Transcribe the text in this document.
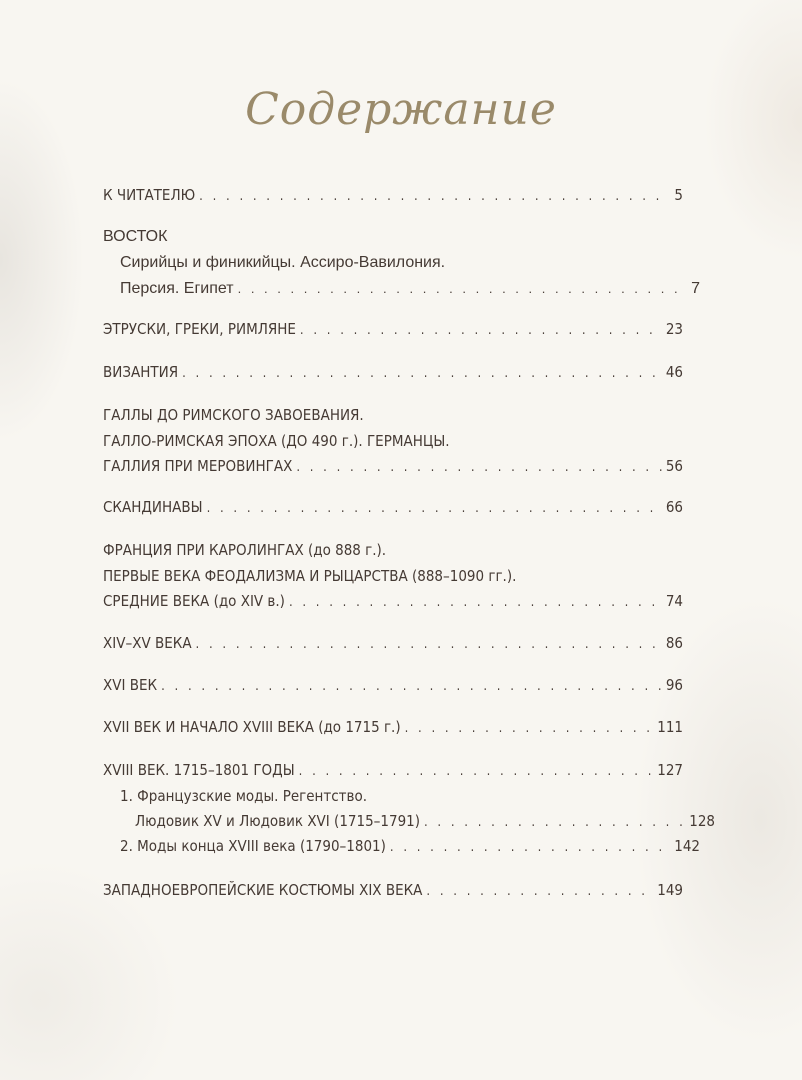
Содержание
К ЧИТАТЕЛЮ . . .	5
ВОСТОК
Сирийцы и финикийцы. Ассиро-Вавилония.
Персия. Египет . . .	7
ЭТРУСКИ, ГРЕКИ, РИМЛЯНЕ . . .	23
ВИЗАНТИЯ . . .	46
ГАЛЛЫ ДО РИМСКОГО ЗАВОЕВАНИЯ.
ГАЛЛО-РИМСКАЯ ЭПОХА (ДО 490 г.). ГЕРМАНЦЫ.
ГАЛЛИЯ ПРИ МЕРОВИНГАХ . . .	56
СКАНДИНАВЫ . . .	66
ФРАНЦИЯ ПРИ КАРОЛИНГАХ (до 888 г.).
ПЕРВЫЕ ВЕКА ФЕОДАЛИЗМА И РЫЦАРСТВА (888–1090 гг.).
СРЕДНИЕ ВЕКА (до XIV в.) . . .	74
XIV–XV ВЕКА . . .	86
XVI ВЕК . . .	96
XVII ВЕК И НАЧАЛО XVIII ВЕКА (до 1715 г.) . . .	111
XVIII ВЕК. 1715–1801 ГОДЫ . . .	127
1. Французские моды. Регентство.
Людовик XV и Людовик XVI (1715–1791) . . .	128
2. Моды конца XVIII века (1790–1801) . . .	142
ЗАПАДНОЕВРОПЕЙСКИЕ КОСТЮМЫ XIX ВЕКА . . .	149
